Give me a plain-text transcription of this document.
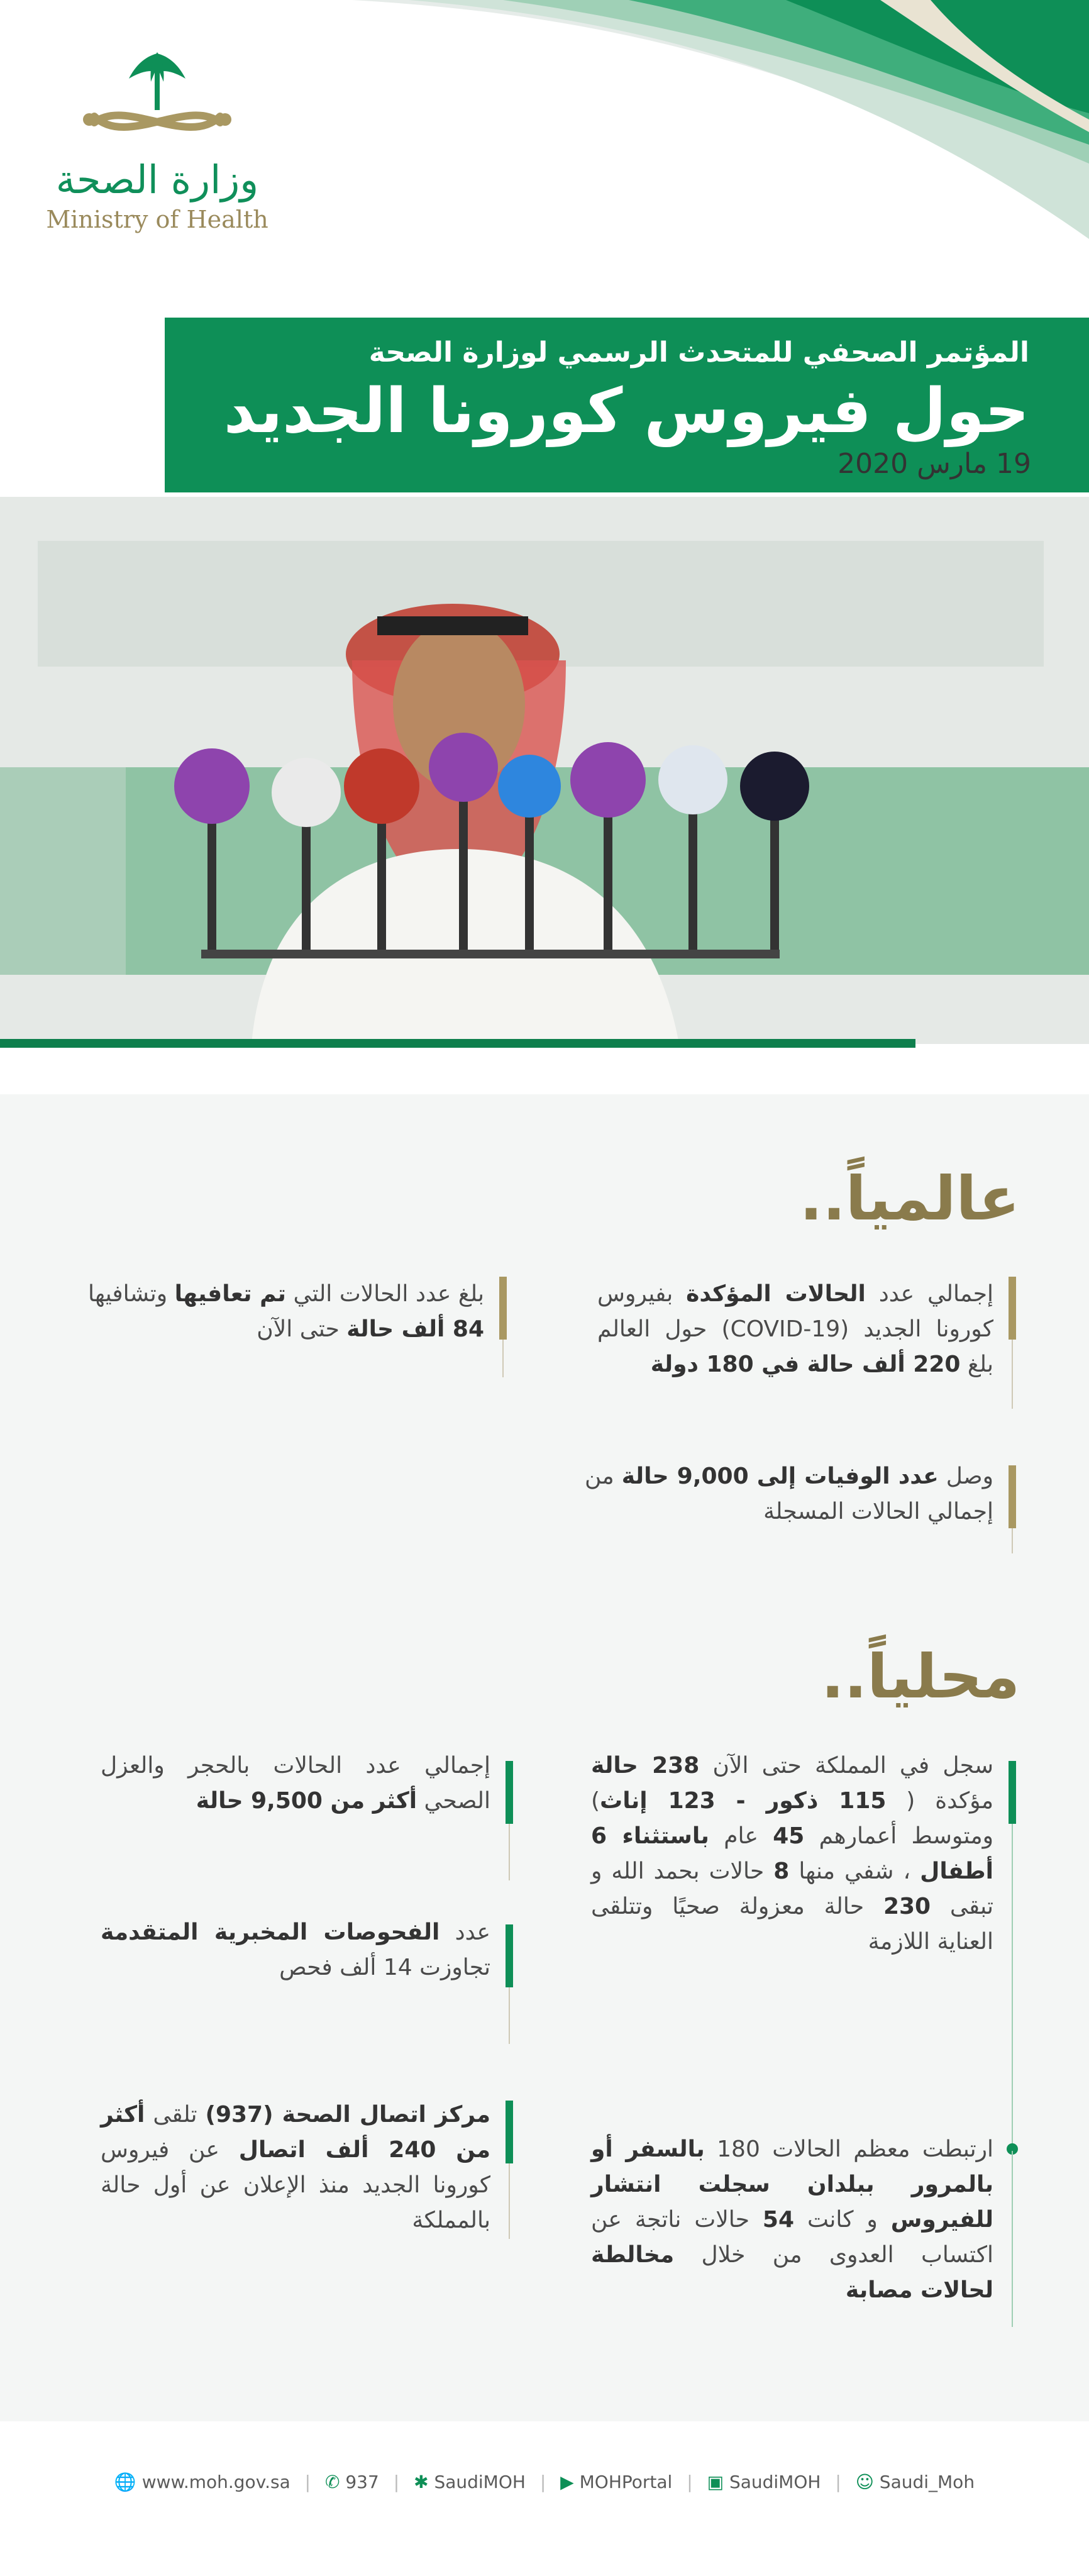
وزارة الصحة
Ministry of Health
المؤتمر الصحفي للمتحدث الرسمي لوزارة الصحة
حول فيروس كورونا الجديد
19 مارس 2020
عالمياً..
إجمالي عدد الحالات المؤكدة بفيروس كورونا الجديد (COVID-19) حول العالم بلغ 220 ألف حالة في 180 دولة
بلغ عدد الحالات التي تم تعافيها وتشافيها 84 ألف حالة حتى الآن
وصل عدد الوفيات إلى 9,000 حالة من إجمالي الحالات المسجلة
محلياً..
سجل في المملكة حتى الآن 238 حالة مؤكدة ( 115 ذكور - 123 إناث) ومتوسط أعمارهم 45 عام باستثناء 6 أطفال ، شفي منها 8 حالات بحمد الله و تبقى 230 حالة معزولة صحيًا وتتلقى العناية اللازمة
إجمالي عدد الحالات بالحجر والعزل الصحي أكثر من 9,500 حالة
عدد الفحوصات المخبرية المتقدمة تجاوزت 14 ألف فحص
مركز اتصال الصحة (937) تلقى أكثر من 240 ألف اتصال عن فيروس كورونا الجديد منذ الإعلان عن أول حالة بالمملكة
ارتبطت معظم الحالات 180 بالسفر أو بالمرور ببلدان سجلت انتشار للفيروس و كانت 54 حالات ناتجة عن اكتساب العدوى من خلال مخالطة لحالات مصابة
🌐 www.moh.gov.sa | ✆ 937 | ✱ SaudiMOH | ▶ MOHPortal | ▣ SaudiMOH | ☺ Saudi_Moh
